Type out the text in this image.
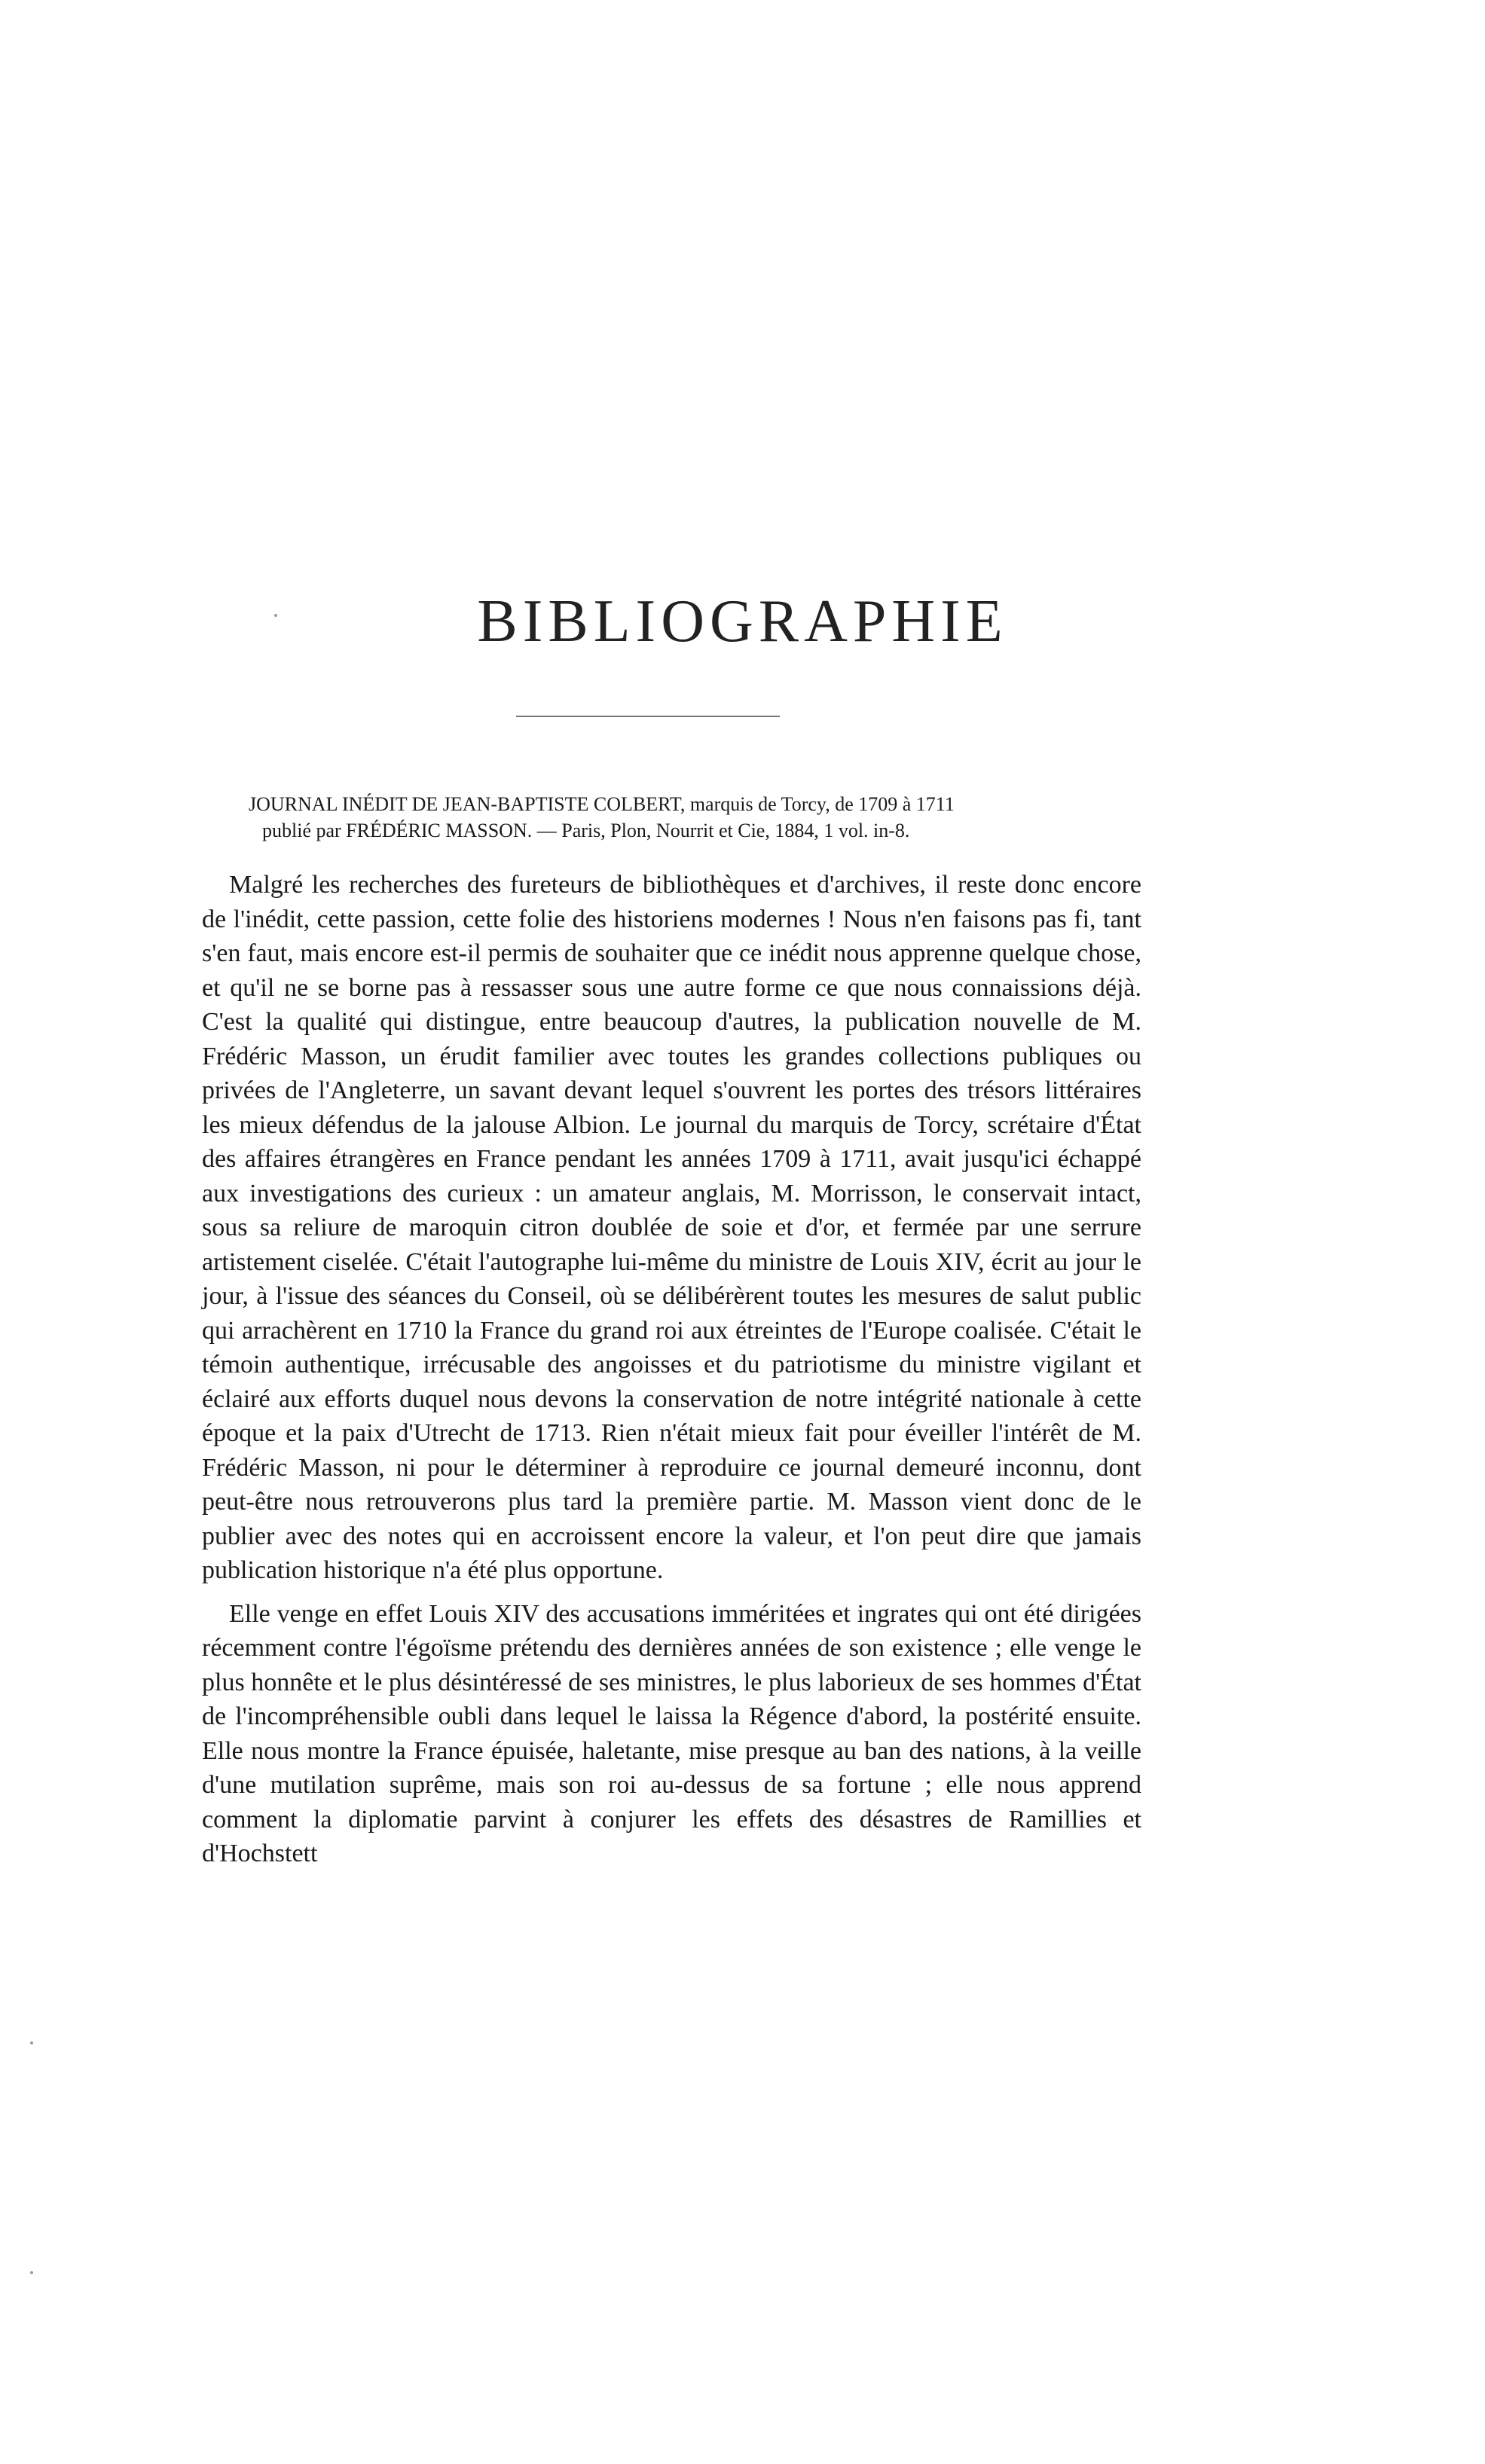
BIBLIOGRAPHIE
JOURNAL INÉDIT DE JEAN-BAPTISTE COLBERT, marquis de Torcy, de 1709 à 1711
publié par FRÉDÉRIC MASSON. — Paris, Plon, Nourrit et Cie, 1884, 1 vol. in-8.

Malgré les recherches des fureteurs de bibliothèques et d'archives, il reste donc encore de l'inédit, cette passion, cette folie des historiens modernes ! Nous n'en faisons pas fi, tant s'en faut, mais encore est-il permis de souhaiter que ce inédit nous apprenne quelque chose, et qu'il ne se borne pas à ressasser sous une autre forme ce que nous connaissions déjà. C'est la qualité qui distingue, entre beaucoup d'autres, la publication nouvelle de M. Frédéric Masson, un érudit familier avec toutes les grandes collections publiques ou privées de l'Angleterre, un savant devant lequel s'ouvrent les portes des trésors littéraires les mieux défendus de la jalouse Albion. Le journal du marquis de Torcy, scrétaire d'État des affaires étrangères en France pendant les années 1709 à 1711, avait jusqu'ici échappé aux investigations des curieux : un amateur anglais, M. Morrisson, le conservait intact, sous sa reliure de maroquin citron doublée de soie et d'or, et fermée par une serrure artistement ciselée. C'était l'autographe lui-même du ministre de Louis XIV, écrit au jour le jour, à l'issue des séances du Conseil, où se délibérèrent toutes les mesures de salut public qui arrachèrent en 1710 la France du grand roi aux étreintes de l'Europe coalisée. C'était le témoin authentique, irrécusable des angoisses et du patriotisme du ministre vigilant et éclairé aux efforts duquel nous devons la conservation de notre intégrité nationale à cette époque et la paix d'Utrecht de 1713. Rien n'était mieux fait pour éveiller l'intérêt de M. Frédéric Masson, ni pour le déterminer à reproduire ce journal demeuré inconnu, dont peut-être nous retrouverons plus tard la première partie. M. Masson vient donc de le publier avec des notes qui en accroissent encore la valeur, et l'on peut dire que jamais publication historique n'a été plus opportune.

Elle venge en effet Louis XIV des accusations imméritées et ingrates qui ont été dirigées récemment contre l'égoïsme prétendu des dernières années de son existence ; elle venge le plus honnête et le plus désintéressé de ses ministres, le plus laborieux de ses hommes d'État de l'incompréhensible oubli dans lequel le laissa la Régence d'abord, la postérité ensuite. Elle nous montre la France épuisée, haletante, mise presque au ban des nations, à la veille d'une mutilation suprême, mais son roi au-dessus de sa fortune ; elle nous apprend comment la diplomatie parvint à conjurer les effets des désastres de Ramillies et d'Hochstett
